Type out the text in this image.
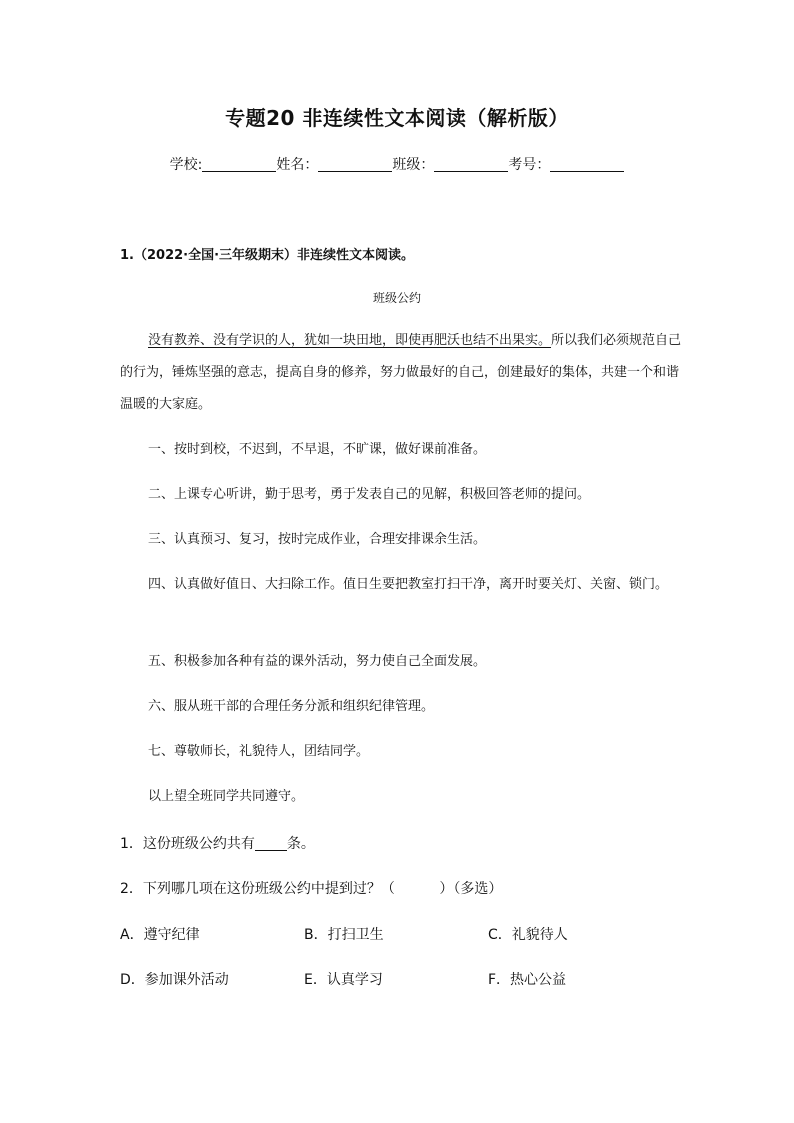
专题20 非连续性文本阅读（解析版）
学校:	姓名：	班级：	考号：
1.（2022·全国·三年级期末）非连续性文本阅读。
班级公约
没有教养、没有学识的人，犹如一块田地，即使再肥沃也结不出果实。所以我们必须规范自己的行为，锤炼坚强的意志，提高自身的修养，努力做最好的自己，创建最好的集体，共建一个和谐温暖的大家庭。
一、按时到校，不迟到，不早退，不旷课，做好课前准备。
二、上课专心听讲，勤于思考，勇于发表自己的见解，积极回答老师的提问。
三、认真预习、复习，按时完成作业，合理安排课余生活。
四、认真做好值日、大扫除工作。值日生要把教室打扫干净，离开时要关灯、关窗、锁门。
五、积极参加各种有益的课外活动，努力使自己全面发展。
六、服从班干部的合理任务分派和组织纪律管理。
七、尊敬师长，礼貌待人，团结同学。
以上望全班同学共同遵守。
1．这份班级公约共有 条。
2．下列哪几项在这份班级公约中提到过？（          ）（多选）
A．遵守纪律	B．打扫卫生	C．礼貌待人
D．参加课外活动	E．认真学习	F．热心公益
